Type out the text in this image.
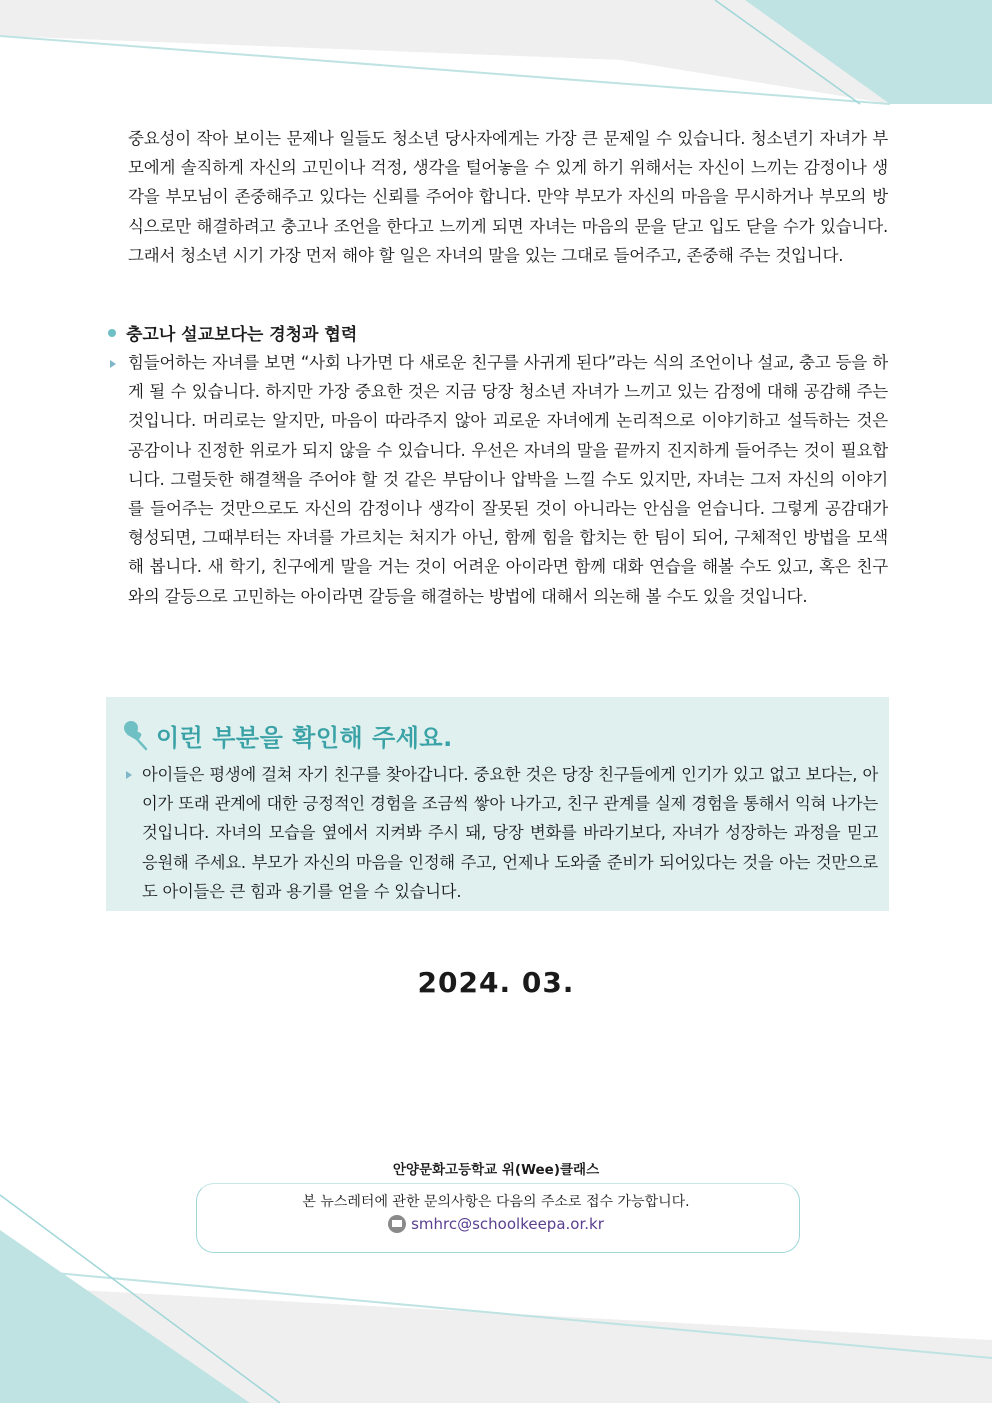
중요성이 작아 보이는 문제나 일들도 청소년 당사자에게는 가장 큰 문제일 수 있습니다. 청소년기 자녀가 부모에게 솔직하게 자신의 고민이나 걱정, 생각을 털어놓을 수 있게 하기 위해서는 자신이 느끼는 감정이나 생각을 부모님이 존중해주고 있다는 신뢰를 주어야 합니다. 만약 부모가 자신의 마음을 무시하거나 부모의 방식으로만 해결하려고 충고나 조언을 한다고 느끼게 되면 자녀는 마음의 문을 닫고 입도 닫을 수가 있습니다. 그래서 청소년 시기 가장 먼저 해야 할 일은 자녀의 말을 있는 그대로 들어주고, 존중해 주는 것입니다.

충고나 설교보다는 경청과 협력

힘들어하는 자녀를 보면 “사회 나가면 다 새로운 친구를 사귀게 된다”라는 식의 조언이나 설교, 충고 등을 하게 될 수 있습니다. 하지만 가장 중요한 것은 지금 당장 청소년 자녀가 느끼고 있는 감정에 대해 공감해 주는 것입니다. 머리로는 알지만, 마음이 따라주지 않아 괴로운 자녀에게 논리적으로 이야기하고 설득하는 것은 공감이나 진정한 위로가 되지 않을 수 있습니다. 우선은 자녀의 말을 끝까지 진지하게 들어주는 것이 필요합니다. 그럴듯한 해결책을 주어야 할 것 같은 부담이나 압박을 느낄 수도 있지만, 자녀는 그저 자신의 이야기를 들어주는 것만으로도 자신의 감정이나 생각이 잘못된 것이 아니라는 안심을 얻습니다. 그렇게 공감대가 형성되면, 그때부터는 자녀를 가르치는 처지가 아닌, 함께 힘을 합치는 한 팀이 되어, 구체적인 방법을 모색해 봅니다. 새 학기, 친구에게 말을 거는 것이 어려운 아이라면 함께 대화 연습을 해볼 수도 있고, 혹은 친구와의 갈등으로 고민하는 아이라면 갈등을 해결하는 방법에 대해서 의논해 볼 수도 있을 것입니다.

이런 부분을 확인해 주세요.

아이들은 평생에 걸쳐 자기 친구를 찾아갑니다. 중요한 것은 당장 친구들에게 인기가 있고 없고 보다는, 아이가 또래 관계에 대한 긍정적인 경험을 조금씩 쌓아 나가고, 친구 관계를 실제 경험을 통해서 익혀 나가는 것입니다. 자녀의 모습을 옆에서 지켜봐 주시 돼, 당장 변화를 바라기보다, 자녀가 성장하는 과정을 믿고 응원해 주세요. 부모가 자신의 마음을 인정해 주고, 언제나 도와줄 준비가 되어있다는 것을 아는 것만으로도 아이들은 큰 힘과 용기를 얻을 수 있습니다.

2024. 03.
안양문화고등학교 위(Wee)클래스
본 뉴스레터에 관한 문의사항은 다음의 주소로 접수 가능합니다.
smhrc@schoolkeepa.or.kr
